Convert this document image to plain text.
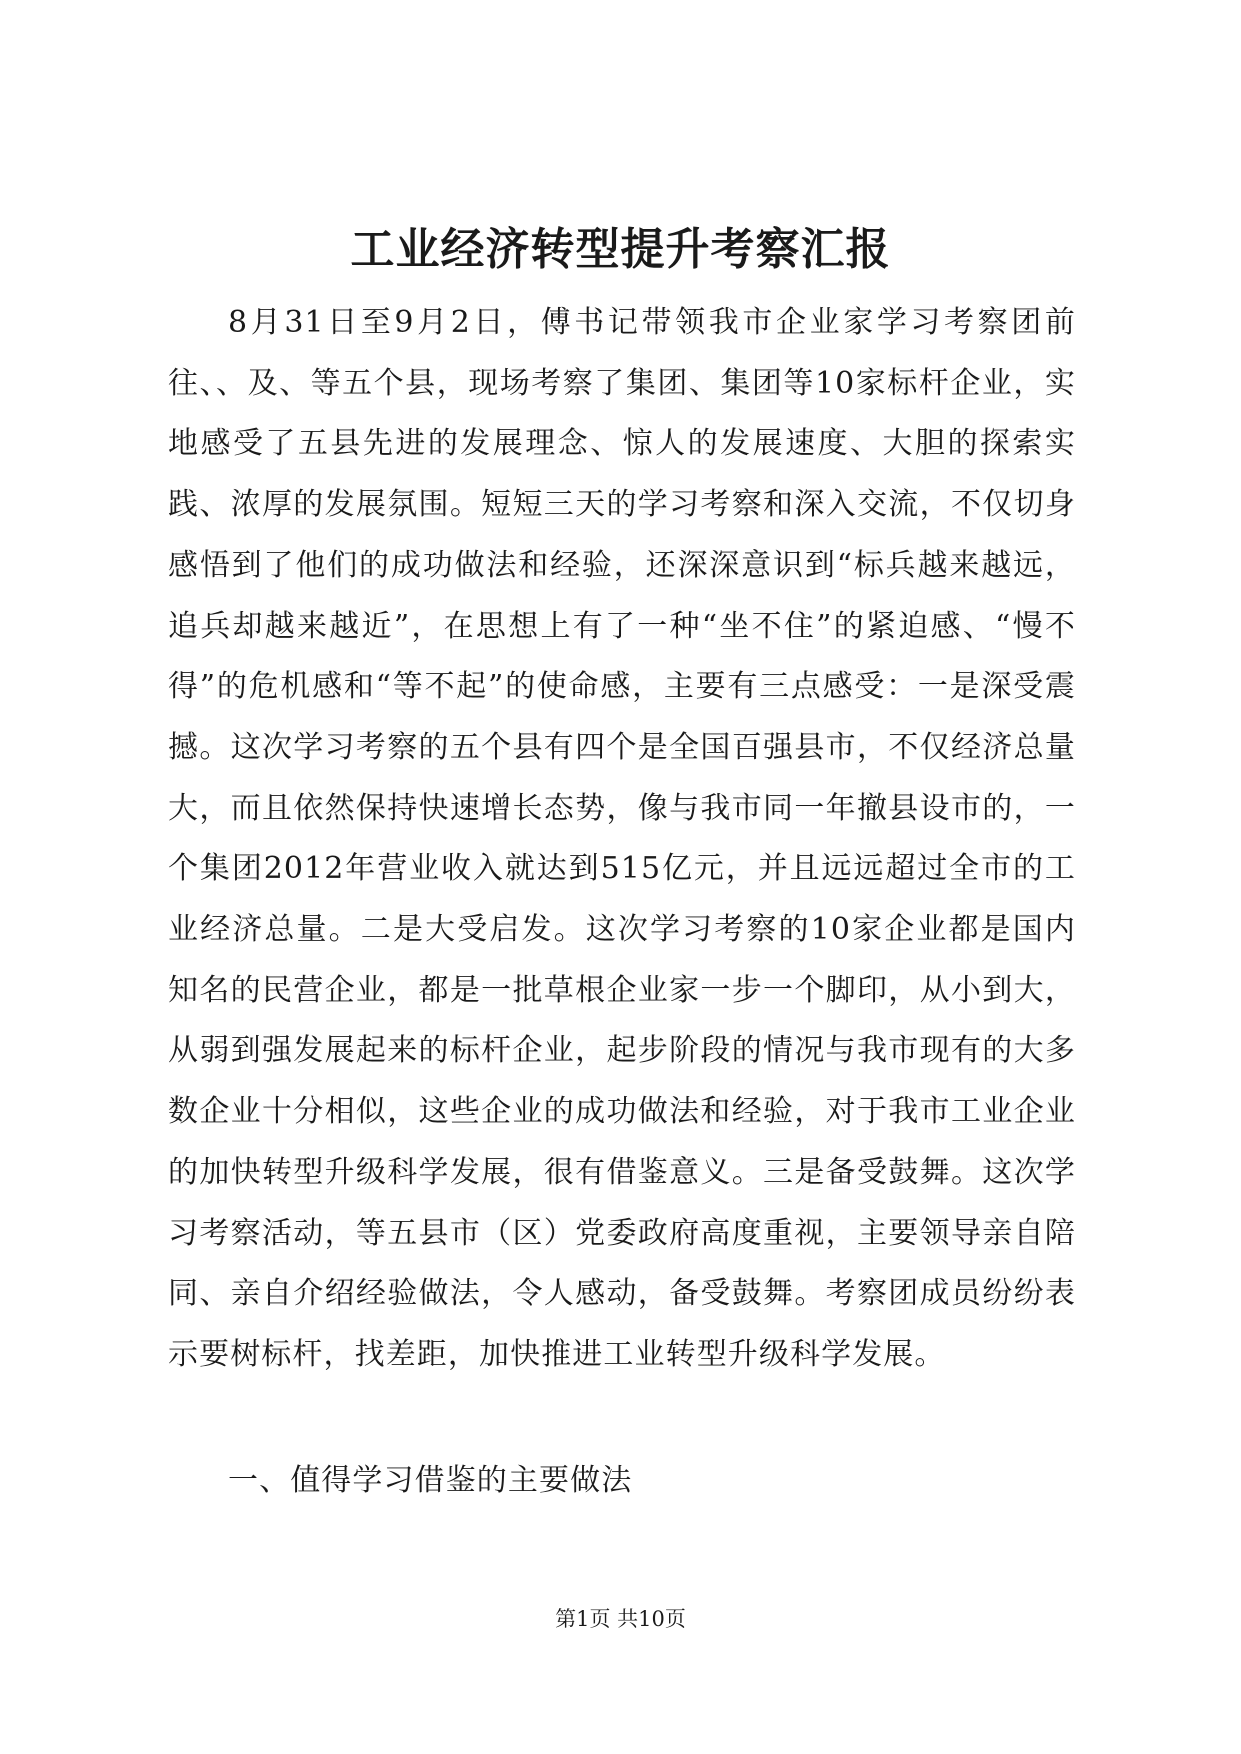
工业经济转型提升考察汇报

8月31日至9月2日，傅书记带领我市企业家学习考察团前往、、及、等五个县，现场考察了集团、集团等10家标杆企业，实地感受了五县先进的发展理念、惊人的发展速度、大胆的探索实践、浓厚的发展氛围。短短三天的学习考察和深入交流，不仅切身感悟到了他们的成功做法和经验，还深深意识到“标兵越来越远，追兵却越来越近”，在思想上有了一种“坐不住”的紧迫感、“慢不得”的危机感和“等不起”的使命感，主要有三点感受：一是深受震撼。这次学习考察的五个县有四个是全国百强县市，不仅经济总量大，而且依然保持快速增长态势，像与我市同一年撤县设市的，一个集团2012年营业收入就达到515亿元，并且远远超过全市的工业经济总量。二是大受启发。这次学习考察的10家企业都是国内知名的民营企业，都是一批草根企业家一步一个脚印，从小到大，从弱到强发展起来的标杆企业，起步阶段的情况与我市现有的大多数企业十分相似，这些企业的成功做法和经验，对于我市工业企业的加快转型升级科学发展，很有借鉴意义。三是备受鼓舞。这次学习考察活动，等五县市（区）党委政府高度重视，主要领导亲自陪同、亲自介绍经验做法，令人感动，备受鼓舞。考察团成员纷纷表示要树标杆，找差距，加快推进工业转型升级科学发展。

一、值得学习借鉴的主要做法
第1页 共10页
